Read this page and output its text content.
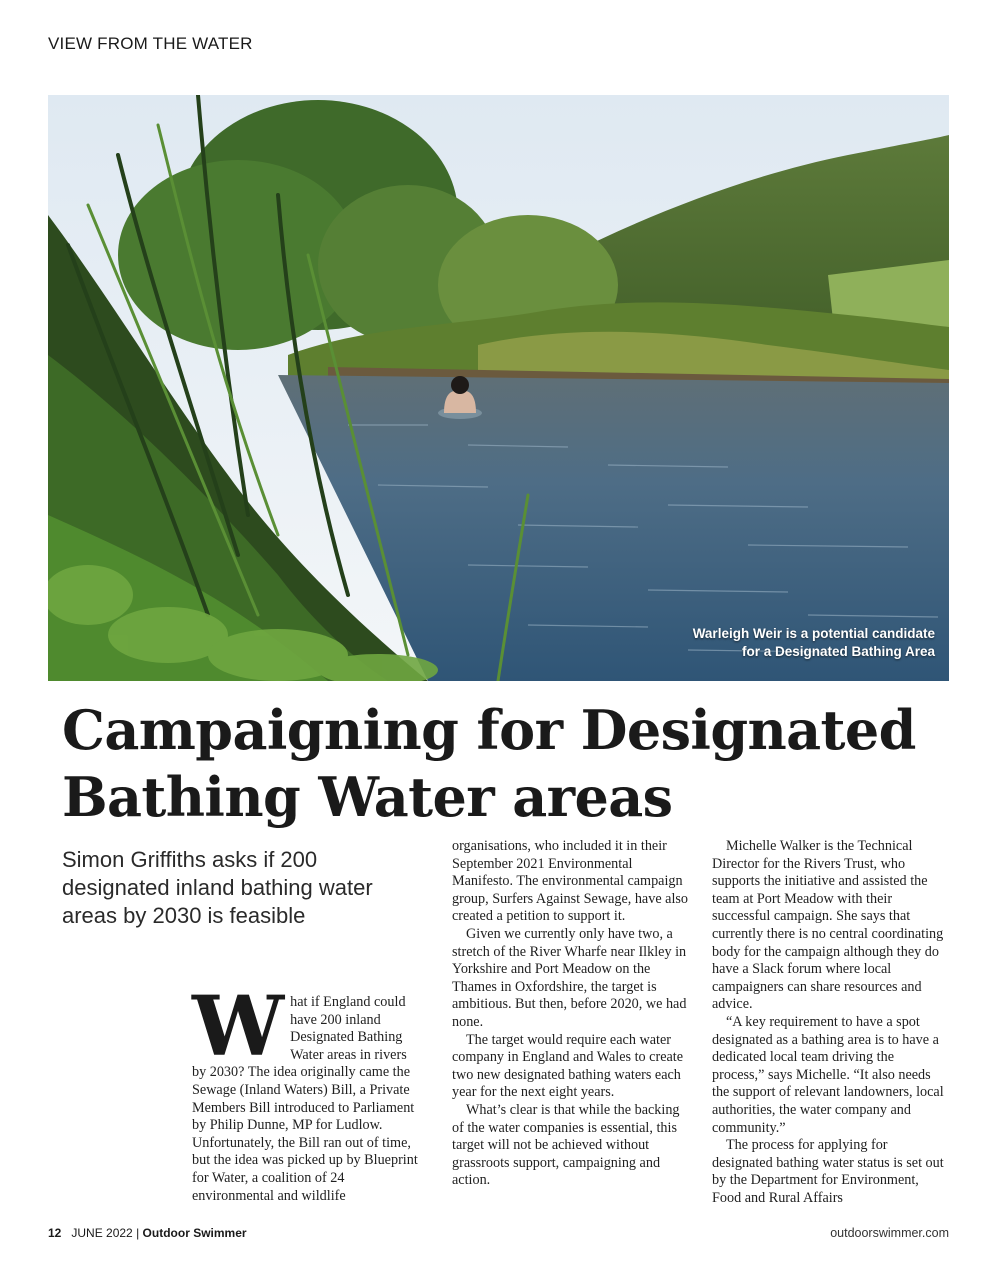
VIEW FROM THE WATER
Warleigh Weir is a potential candidate
for a Designated Bathing Area
Campaigning for Designated
Bathing Water areas
Simon Griffiths asks if 200 designated inland bathing water areas by 2030 is feasible
W hat if England could have 200 inland Designated Bathing Water areas in rivers by 2030? The idea originally came the Sewage (Inland Waters) Bill, a Private Members Bill introduced to Parliament by Philip Dunne, MP for Ludlow. Unfortunately, the Bill ran out of time, but the idea was picked up by Blueprint for Water, a coalition of 24 environmental and wildlife

organisations, who included it in their September 2021 Environmental Manifesto. The environmental campaign group, Surfers Against Sewage, have also created a petition to support it.

Given we currently only have two, a stretch of the River Wharfe near Ilkley in Yorkshire and Port Meadow on the Thames in Oxfordshire, the target is ambitious. But then, before 2020, we had none.

The target would require each water company in England and Wales to create two new designated bathing waters each year for the next eight years.

What’s clear is that while the backing of the water companies is essential, this target will not be achieved without grassroots support, campaigning and action.

Michelle Walker is the Technical Director for the Rivers Trust, who supports the initiative and assisted the team at Port Meadow with their successful campaign. She says that currently there is no central coordinating body for the campaign although they do have a Slack forum where local campaigners can share resources and advice.

“A key requirement to have a spot designated as a bathing area is to have a dedicated local team driving the process,” says Michelle. “It also needs the support of relevant landowners, local authorities, the water company and community.”

The process for applying for designated bathing water status is set out by the Department for Environment, Food and Rural Affairs

12 JUNE 2022 | Outdoor Swimmer	outdoorswimmer.com
